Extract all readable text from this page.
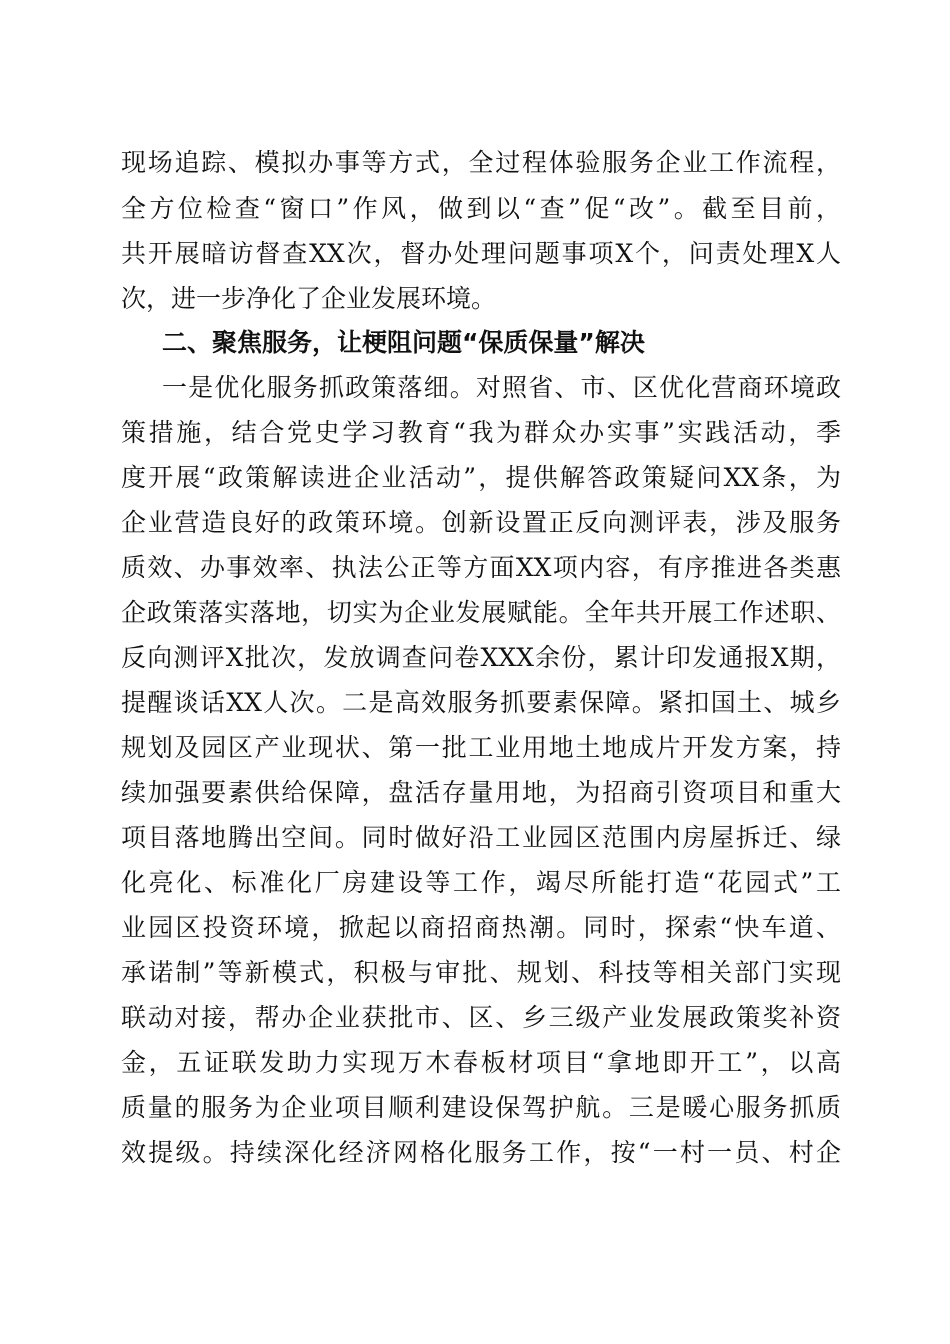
现场追踪、模拟办事等方式，全过程体验服务企业工作流程，
全方位检查“窗口”作风，做到以“查”促“改”。截至目前，
共开展暗访督查XX次，督办处理问题事项X个，问责处理X人
次，进一步净化了企业发展环境。
二、聚焦服务，让梗阻问题“保质保量”解决
一是优化服务抓政策落细。对照省、市、区优化营商环境政
策措施，结合党史学习教育“我为群众办实事”实践活动，季
度开展“政策解读进企业活动”，提供解答政策疑问XX条，为
企业营造良好的政策环境。创新设置正反向测评表，涉及服务
质效、办事效率、执法公正等方面XX项内容，有序推进各类惠
企政策落实落地，切实为企业发展赋能。全年共开展工作述职、
反向测评X批次，发放调查问卷XXX余份，累计印发通报X期，
提醒谈话XX人次。二是高效服务抓要素保障。紧扣国土、城乡
规划及园区产业现状、第一批工业用地土地成片开发方案，持
续加强要素供给保障，盘活存量用地，为招商引资项目和重大
项目落地腾出空间。同时做好沿工业园区范围内房屋拆迁、绿
化亮化、标准化厂房建设等工作，竭尽所能打造“花园式”工
业园区投资环境，掀起以商招商热潮。同时，探索“快车道、
承诺制”等新模式，积极与审批、规划、科技等相关部门实现
联动对接，帮办企业获批市、区、乡三级产业发展政策奖补资
金，五证联发助力实现万木春板材项目“拿地即开工”，以高
质量的服务为企业项目顺利建设保驾护航。三是暖心服务抓质
效提级。持续深化经济网格化服务工作，按“一村一员、村企
